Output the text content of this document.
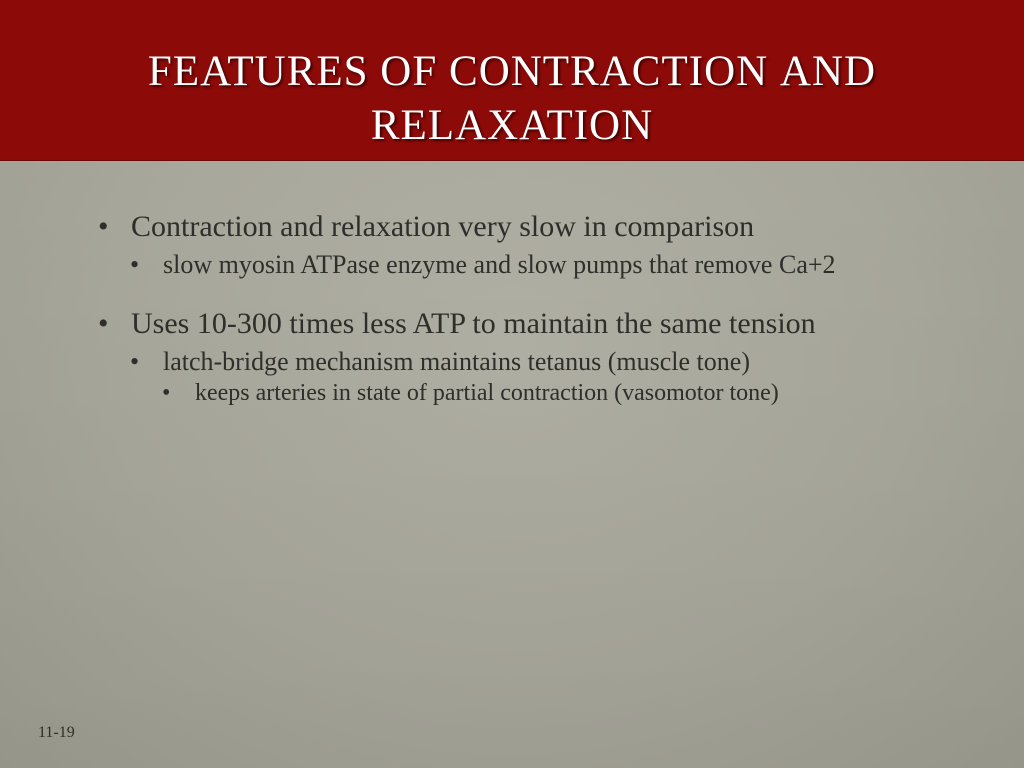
features of contraction and relaxation
• Contraction and relaxation very slow in comparison
• slow myosin ATPase enzyme and slow pumps that remove Ca+2
• Uses 10-300 times less ATP to maintain the same tension
• latch-bridge mechanism maintains tetanus (muscle tone)
• keeps arteries in state of partial contraction (vasomotor tone)
11-19
